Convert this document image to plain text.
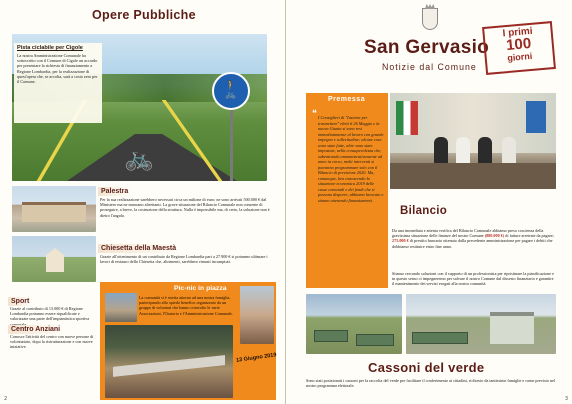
Opere Pubbliche
🚶
🚲
🚲
Pista ciclabile per Cigole
La nostra Amministrazione Comunale ha sottoscritto con il Comune di Cigole un accordo per presentare la richiesta di finanziamento a Regione Lombardia, per la realizzazione di quest'opera che, se accolta, sarà a costo zero per il Comune.
Palestra
Per la sua realizzazione sarebbero necessari circa un milione di euro; ne sono arrivati 500.000 € dal Ministero ma ne mancano altrettanti. La grave situazione del Bilancio Comunale non consente di proseguire, a breve, la costruzione della struttura. Nulla è impossibile ma, di certo, la soluzione non è dietro l'angolo.
Chiesetta della Maestà
Grazie all'ottenimento di un contributo da Regione Lombardia pari a 27.900 € si potranno ultimare i lavori di restauro della Chiesetta che, altrimenti, sarebbero rimasti incompiuti.
Sport
Grazie al contributo di 13.000 € di Regione Lombardia potranno essere riqualificate e valorizzate una parte dell'impiantistica sportiva
Centro Anziani
Conosce l'attività del centro con nuove persone di volontariato, dopo la ristrutturazione e con nuove iniziative.
Pic-nic in piazza
La comunità si è stretta attorno ad una nostra famiglia, partecipando allo spiedo benefico organizzato da un gruppo di volontari che hanno coinvolto le varie Associazioni, l'Oratorio e l'Amministrazione Comunale.
13 Giugno 2019
2	3
San Gervasio
Notizie dal Comune
I primi
100
giorni
Premessa
❝ I Consiglieri di "Insieme per trasmettere" eletti il 26 Maggio e la nuova Giunta si sono resi immediatamente al lavoro con grande impegno e sollecitudine; alcune cose sono state fatte, altre sono state impostate, nella consapevolezza che, subentrando amministrativamente ad anno in corso, molti interventi si potranno programmare solo con il Bilancio di previsione 2020. Ma, comunque, ben conoscendo la situazione economica 2019 delle casse comunali e dei fondi che si possono disporre, abbiamo lavorato e stiamo ottenendo finanziamenti.
Bilancio
Da una immediata e attenta verifica del Bilancio Comunale abbiamo preso coscienza della gravissima situazione delle finanze del nostro Comune (880.000 €) di fatture arretrate da pagare; 275.000 € di prestito bancario ottenuto dalla precedente amministrazione per pagare i debiti che dobbiamo restituire entro fine anno.
Stiamo cercando soluzioni con il supporto di un professionista per ripristinare la pianificazione e in questo senso ci impegneremo per salvare il nostro Comune dal dissesto finanziario e garantire il mantenimento dei servizi erogati alla nostra comunità.
Cassoni del verde
Sono stati posizionati i cassoni per la raccolta del verde per facilitare il conferimento ai cittadini, richiesto da tantissime famiglie e come previsto nel nostro programma elettorale.
